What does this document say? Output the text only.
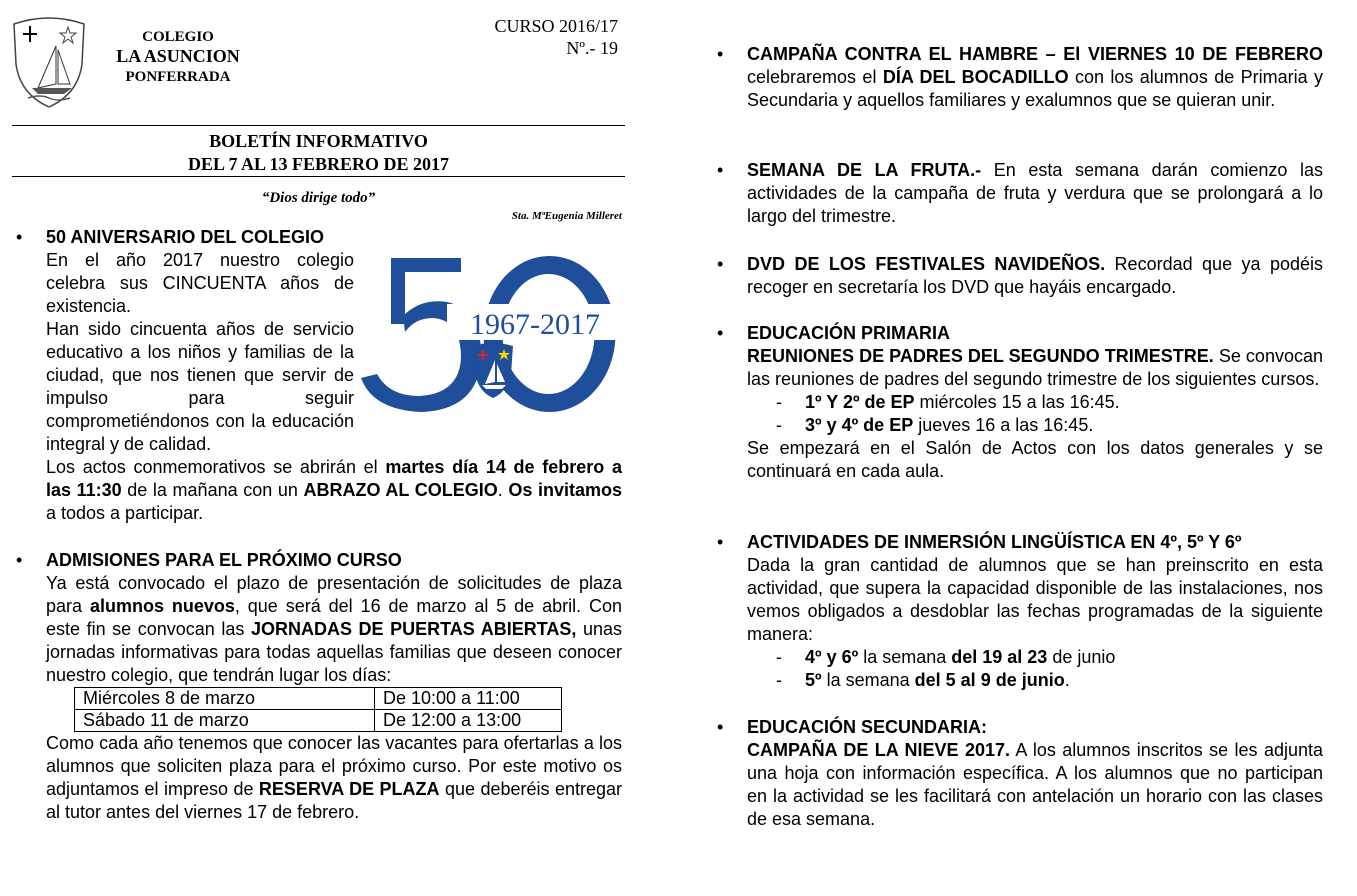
COLEGIO
LA ASUNCION
PONFERRADA
CURSO 2016/17
Nº.- 19
BOLETÍN INFORMATIVO
DEL 7 AL 13 FEBRERO DE 2017
“Dios dirige todo”
Sta. MªEugenia Milleret
1967-2017
• 50 ANIVERSARIO DEL COLEGIO

En el año 2017 nuestro colegio celebra sus CINCUENTA años de existencia.

Han sido cincuenta años de servicio educativo a los niños y familias de la ciudad, que nos tienen que servir de impulso para seguir comprometiéndonos con la educación integral y de calidad.

Los actos conmemorativos se abrirán el martes día 14 de febrero a las 11:30 de la mañana con un ABRAZO AL COLEGIO. Os invitamos a todos a participar.

• ADMISIONES PARA EL PRÓXIMO CURSO

Ya está convocado el plazo de presentación de solicitudes de plaza para alumnos nuevos, que será del 16 de marzo al 5 de abril. Con este fin se convocan las JORNADAS DE PUERTAS ABIERTAS, unas jornadas informativas para todas aquellas familias que deseen conocer nuestro colegio, que tendrán lugar los días:

Miércoles 8 de marzo	De 10:00 a 11:00
Sábado 11 de marzo	De 12:00 a 13:00

Como cada año tenemos que conocer las vacantes para ofertarlas a los alumnos que soliciten plaza para el próximo curso. Por este motivo os adjuntamos el impreso de RESERVA DE PLAZA que deberéis entregar al tutor antes del viernes 17 de febrero.

• CAMPAÑA CONTRA EL HAMBRE – El VIERNES 10 DE FEBRERO celebraremos el DÍA DEL BOCADILLO con los alumnos de Primaria y Secundaria y aquellos familiares y exalumnos que se quieran unir.

• SEMANA DE LA FRUTA.- En esta semana darán comienzo las actividades de la campaña de fruta y verdura que se prolongará a lo largo del trimestre.

• DVD DE LOS FESTIVALES NAVIDEÑOS. Recordad que ya podéis recoger en secretaría los DVD que hayáis encargado.

• EDUCACIÓN PRIMARIA

REUNIONES DE PADRES DEL SEGUNDO TRIMESTRE. Se convocan las reuniones de padres del segundo trimestre de los siguientes cursos.

- 1º Y 2º de EP miércoles 15 a las 16:45.

- 3º y 4º de EP jueves 16 a las 16:45.

Se empezará en el Salón de Actos con los datos generales y se continuará en cada aula.

• ACTIVIDADES DE INMERSIÓN LINGÜÍSTICA EN 4º, 5º Y 6º

Dada la gran cantidad de alumnos que se han preinscrito en esta actividad, que supera la capacidad disponible de las instalaciones, nos vemos obligados a desdoblar las fechas programadas de la siguiente manera:

- 4º y 6º la semana del 19 al 23 de junio

- 5º la semana del 5 al 9 de junio.

• EDUCACIÓN SECUNDARIA:

CAMPAÑA DE LA NIEVE 2017. A los alumnos inscritos se les adjunta una hoja con información específica. A los alumnos que no participan en la actividad se les facilitará con antelación un horario con las clases de esa semana.
